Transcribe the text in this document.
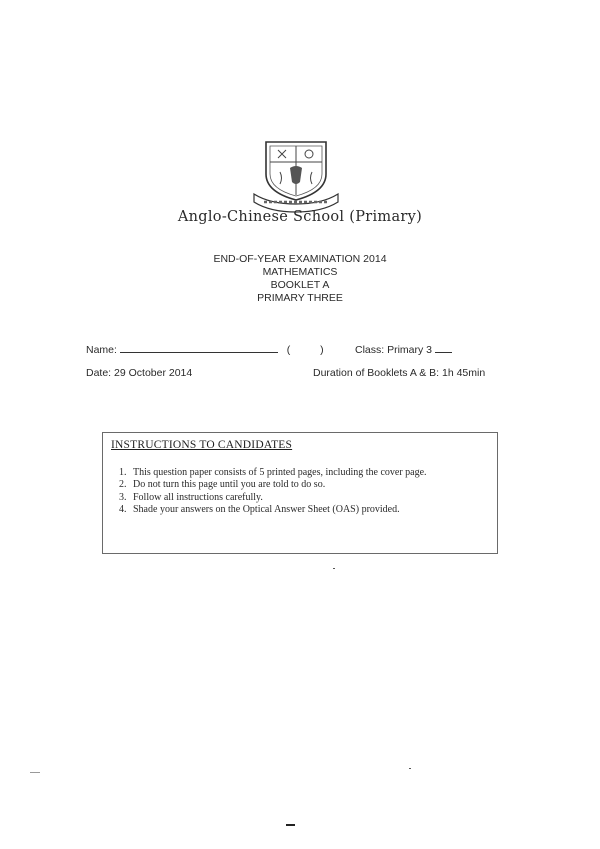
Anglo-Chinese School (Primary)
END-OF-YEAR EXAMINATION 2014
MATHEMATICS
BOOKLET A
PRIMARY THREE
Name:	(	)	Class: Primary 3
Date: 29 October 2014	Duration of Booklets A & B: 1h 45min
INSTRUCTIONS TO CANDIDATES
1. This question paper consists of 5 printed pages, including the cover page.
2. Do not turn this page until you are told to do so.
3. Follow all instructions carefully.
4. Shade your answers on the Optical Answer Sheet (OAS) provided.
